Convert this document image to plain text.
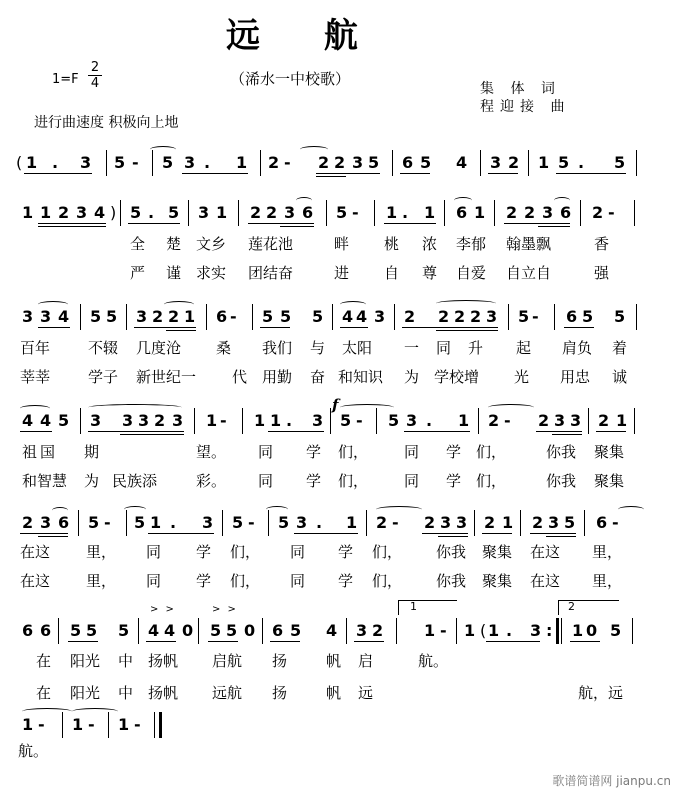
远 航
$1=F \frac{2}{4}$	（浠水一中校歌）
集 体 词
程迎接 曲
进行曲速度 积极向上地
( 1 . 3 5 - 5 3 . 1 2 - 2 2 3 5 6 5 4 3 2 1 5 . 5
1 1 2 3 4 ) 5 . 5 3 1 2 2 3 6 5 - 1 . 1 6 1 2 2 3 6 2 -
全 楚 文乡 莲花池	畔 桃 浓 李郁 翰墨飘	香
严 谨 求实 团结奋	进 自 尊 自爱 自立自	强
3 3 4 5 5 3 2 2 1 6 - 5 5 5 4 4 3 2 2 2 2 3 5 - 6 5 5
百年	不辍 几度沧 桑 我们 与 太阳 一 同 升 起 肩负 着
莘莘	学子 新世纪一 代 用勤 奋 和知识 为 学校增 光 用忠 诚
4 4 5 3 3 3 2 3 1 - 1 1 . 3 5 - 5 3 . 1 2 - 2 3 3 2 1
f
祖 国 期	望。 同 学 们， 同 学 们，	你我 聚集
和智慧 为 民族添	彩。 同 学 们， 同 学 们，	你我 聚集
2 3 6 5 - 5 1 . 3 5 - 5 3 . 1 2 - 2 3 3 2 1 2 3 5 6 -
在这 里， 同 学 们， 同 学 们， 你我 聚集 在这 里，
在这 里， 同 学 们， 同 学 们， 你我 聚集 在这 里，
> >	> >	1	2
6 6 5 5 5 4 4 0 5 5 0 6 5 4 3 2	1 - 1 ( 1 . 3 : 1 0 5
在 阳光 中 扬帆 启航 扬	帆 启	航。
在 阳光 中 扬帆 远航 扬	帆 远	航，远
1 - 1 - 1 -
航。
歌谱简谱网 jianpu.cn
